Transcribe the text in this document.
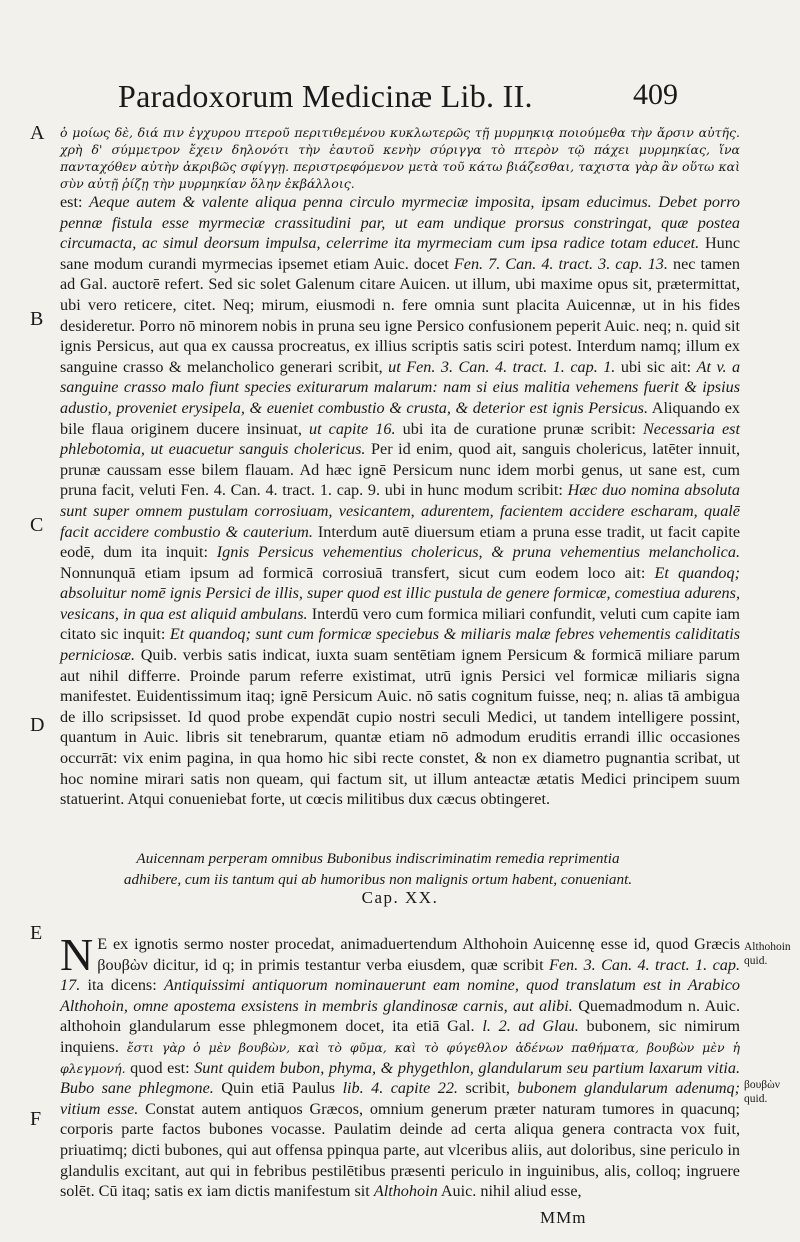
Paradoxorum Medicinæ Lib. II.	409
A
B
C
D
E
F

ὁ μοίως δὲ, διά πιν ἐγχυρου πτεροῦ περιτιθεμένου κυκλωτερῶς τῇ μυρμηκιᾳ ποιούμεθα τὴν ἄρσιν αὐτῆς. χρὴ δ' σύμμετρον ἔχειν δηλονότι τὴν ἑαυτοῦ κενὴν σύριγγα τὸ πτερὸν τῷ πάχει μυρμηκίας, ἵνα πανταχόθεν αὐτὴν ἀκριβῶς σφίγγῃ. περιστρεφόμενον μετὰ τοῦ κάτω βιάζεσθαι, ταχιστα γὰρ ἂν οὕτω καὶ σὺν αὐτῇ ῥίζῃ τὴν μυρμηκίαν ὅλην ἐκβάλλοις.

est: Aeque autem & valente aliqua penna circulo myrmeciæ imposita, ipsam educimus. Debet porro pennæ fistula esse myrmeciæ crassitudini par, ut eam undique prorsus constringat, quæ postea circumacta, ac simul deorsum impulsa, celerrime ita myrmeciam cum ipsa radice totam educet. Hunc sane modum curandi myrmecias ipsemet etiam Auic. docet Fen. 7. Can. 4. tract. 3. cap. 13. nec tamen ad Gal. auctorē refert. Sed sic solet Galenum citare Auicen. ut illum, ubi maxime opus sit, prætermittat, ubi vero reticere, citet. Neq; mirum, eiusmodi n. fere omnia sunt placita Auicennæ, ut in his fides desideretur. Porro nō minorem nobis in pruna seu igne Persico confusionem peperit Auic. neq; n. quid sit ignis Persicus, aut qua ex caussa procreatus, ex illius scriptis satis sciri potest. Interdum namq; illum ex sanguine crasso & melancholico generari scribit, ut Fen. 3. Can. 4. tract. 1. cap. 1. ubi sic ait: At v. a sanguine crasso malo fiunt species exiturarum malarum: nam si eius malitia vehemens fuerit & ipsius adustio, proveniet erysipela, & eueniet combustio & crusta, & deterior est ignis Persicus. Aliquando ex bile flaua originem ducere insinuat, ut capite 16. ubi ita de curatione prunæ scribit: Necessaria est phlebotomia, ut euacuetur sanguis cholericus. Per id enim, quod ait, sanguis cholericus, latēter innuit, prunæ caussam esse bilem flauam. Ad hæc ignē Persicum nunc idem morbi genus, ut sane est, cum pruna facit, veluti Fen. 4. Can. 4. tract. 1. cap. 9. ubi in hunc modum scribit: Hæc duo nomina absoluta sunt super omnem pustulam corrosiuam, vesicantem, adurentem, facientem accidere escharam, qualē facit accidere combustio & cauterium. Interdum autē diuersum etiam a pruna esse tradit, ut facit capite eodē, dum ita inquit: Ignis Persicus vehementius cholericus, & pruna vehementius melancholica. Nonnunquā etiam ipsum ad formicā corrosiuā transfert, sicut cum eodem loco ait: Et quandoq; absoluitur nomē ignis Persici de illis, super quod est illic pustula de genere formicæ, comestiua adurens, vesicans, in qua est aliquid ambulans. Interdū vero cum formica miliari confundit, veluti cum capite iam citato sic inquit: Et quandoq; sunt cum formicæ speciebus & miliaris malæ febres vehementis caliditatis perniciosæ. Quib. verbis satis indicat, iuxta suam sentētiam ignem Persicum & formicā miliare parum aut nihil differre. Proinde parum referre existimat, utrū ignis Persici vel formicæ miliaris signa manifestet. Euidentissimum itaq; ignē Persicum Auic. nō satis cognitum fuisse, neq; n. alias tā ambigua de illo scripsisset. Id quod probe expendāt cupio nostri seculi Medici, ut tandem intelligere possint, quantum in Auic. libris sit tenebrarum, quantæ etiam nō admodum eruditis errandi illic occasiones occurrāt: vix enim pagina, in qua homo hic sibi recte constet, & non ex diametro pugnantia scribat, ut hoc nomine mirari satis non queam, qui factum sit, ut illum anteactæ ætatis Medici principem suum statuerint. Atqui conueniebat forte, ut cœcis militibus dux cæcus obtingeret.

Auicennam perperam omnibus Bubonibus indiscriminatim remedia reprimentia adhibere, cum iis tantum qui ab humoribus non malignis ortum habent, conueniant.
Cap. XX.

N E ex ignotis sermo noster procedat, animaduertendum Althohoin Auicennę esse id, quod Græcis βουβὼν dicitur, id q; in primis testantur verba eiusdem, quæ scribit Fen. 3. Can. 4. tract. 1. cap. 17. ita dicens: Antiquissimi antiquorum nominauerunt eam nomine, quod translatum est in Arabico Althohoin, omne apostema exsistens in membris glandinosæ carnis, aut alibi. Quemadmodum n. Auic. althohoin glandularum esse phlegmonem docet, ita etiā Gal. l. 2. ad Glau. bubonem, sic nimirum inquiens. ἔστι γὰρ ὁ μὲν βουβὼν, καὶ τὸ φῦμα, καὶ τὸ φύγεθλον ἀδένων παθήματα, βουβὼν μὲν ἡ φλεγμονή. quod est: Sunt quidem bubon, phyma, & phygethlon, glandularum seu partium laxarum vitia. Bubo sane phlegmone. Quin etiā Paulus lib. 4. capite 22. scribit, bubonem glandularum adenumq; vitium esse. Constat autem antiquos Græcos, omnium generum præter naturam tumores in quacunq; corporis parte factos bubones vocasse. Paulatim deinde ad certa aliqua genera contracta vox fuit, priuatimq; dicti bubones, qui aut offensa ppinqua parte, aut vlceribus aliis, aut doloribus, sine periculo in glandulis excitant, aut qui in febribus pestilētibus præsenti periculo in inguinibus, alis, colloq; ingruere solēt. Cū itaq; satis ex iam dictis manifestum sit Althohoin Auic. nihil aliud esse,

Althohoin quid.
βουβὼν quid.
MMm
